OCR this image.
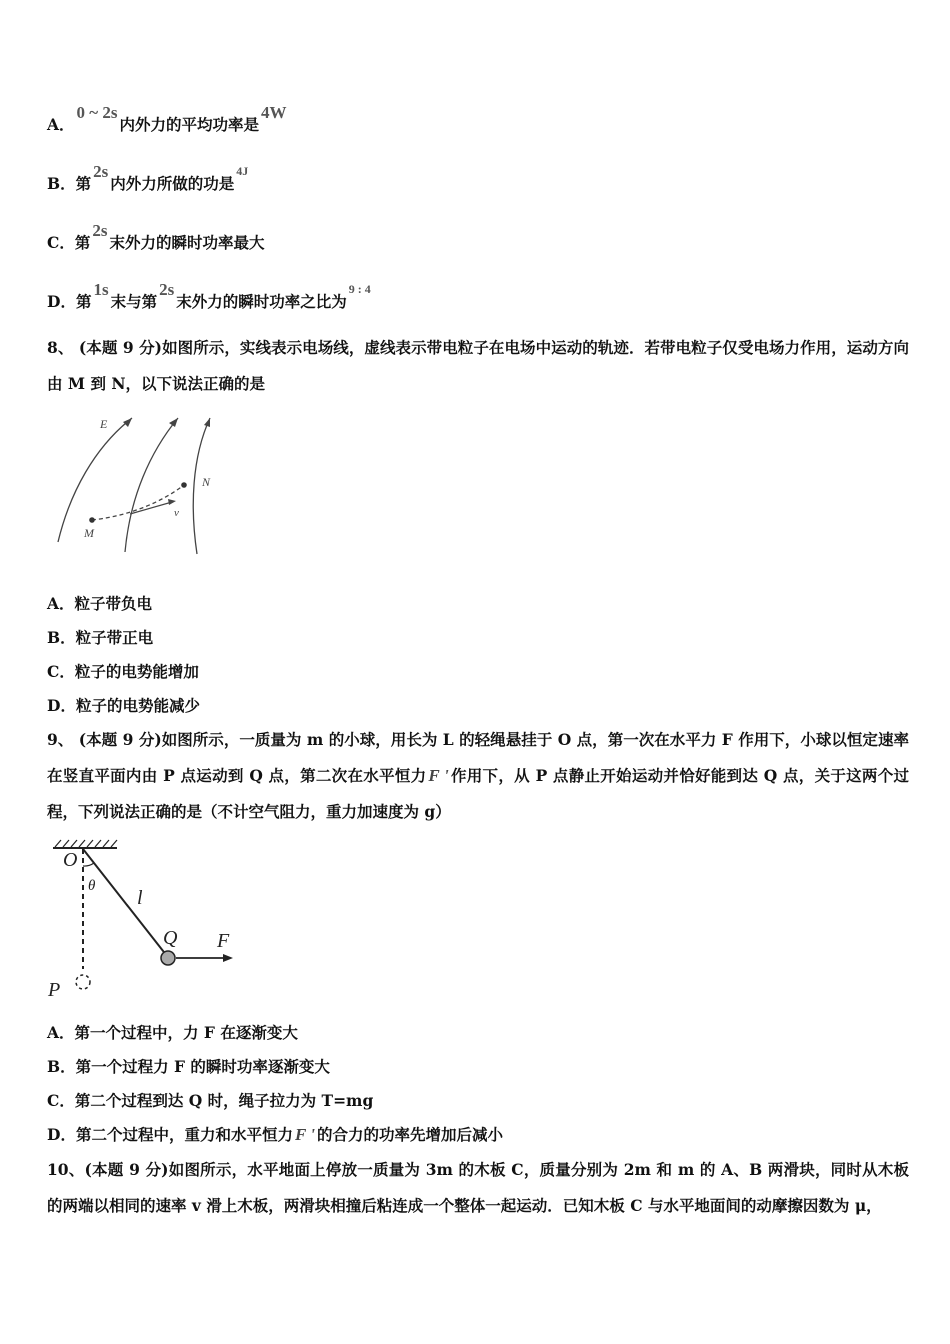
A．0 ~ 2s内外力的平均功率是4W
B．第2s内外力所做的功是$^{4J}$
C．第2s末外力的瞬时功率最大
D．第1s末与第2s末外力的瞬时功率之比为$^{9 : 4}$
8、 (本题 9 分)如图所示，实线表示电场线，虚线表示带电粒子在电场中运动的轨迹．若带电粒子仅受电场力作用，运动方向由 M 到 N，以下说法正确的是
E
N
M
v
A．粒子带负电
B．粒子带正电
C．粒子的电势能增加
D．粒子的电势能减少
9、 (本题 9 分)如图所示，一质量为 m 的小球，用长为 L 的轻绳悬挂于 O 点，第一次在水平力 F 作用下，小球以恒定速率在竖直平面内由 P 点运动到 Q 点，第二次在水平恒力 F ' 作用下，从 P 点静止开始运动并恰好能到达 Q 点，关于这两个过程，下列说法正确的是（不计空气阻力，重力加速度为 g）
O
θ
l
Q F
P
A．第一个过程中，力 F 在逐渐变大
B．第一个过程力 F 的瞬时功率逐渐变大
C．第二个过程到达 Q 时，绳子拉力为 T=mg
D．第二个过程中，重力和水平恒力 F ' 的合力的功率先增加后减小
10、(本题 9 分)如图所示，水平地面上停放一质量为 3m 的木板 C，质量分别为 2m 和 m 的 A、B 两滑块，同时从木板的两端以相同的速率 v 滑上木板，两滑块相撞后粘连成一个整体一起运动．已知木板 C 与水平地面间的动摩擦因数为 μ，
